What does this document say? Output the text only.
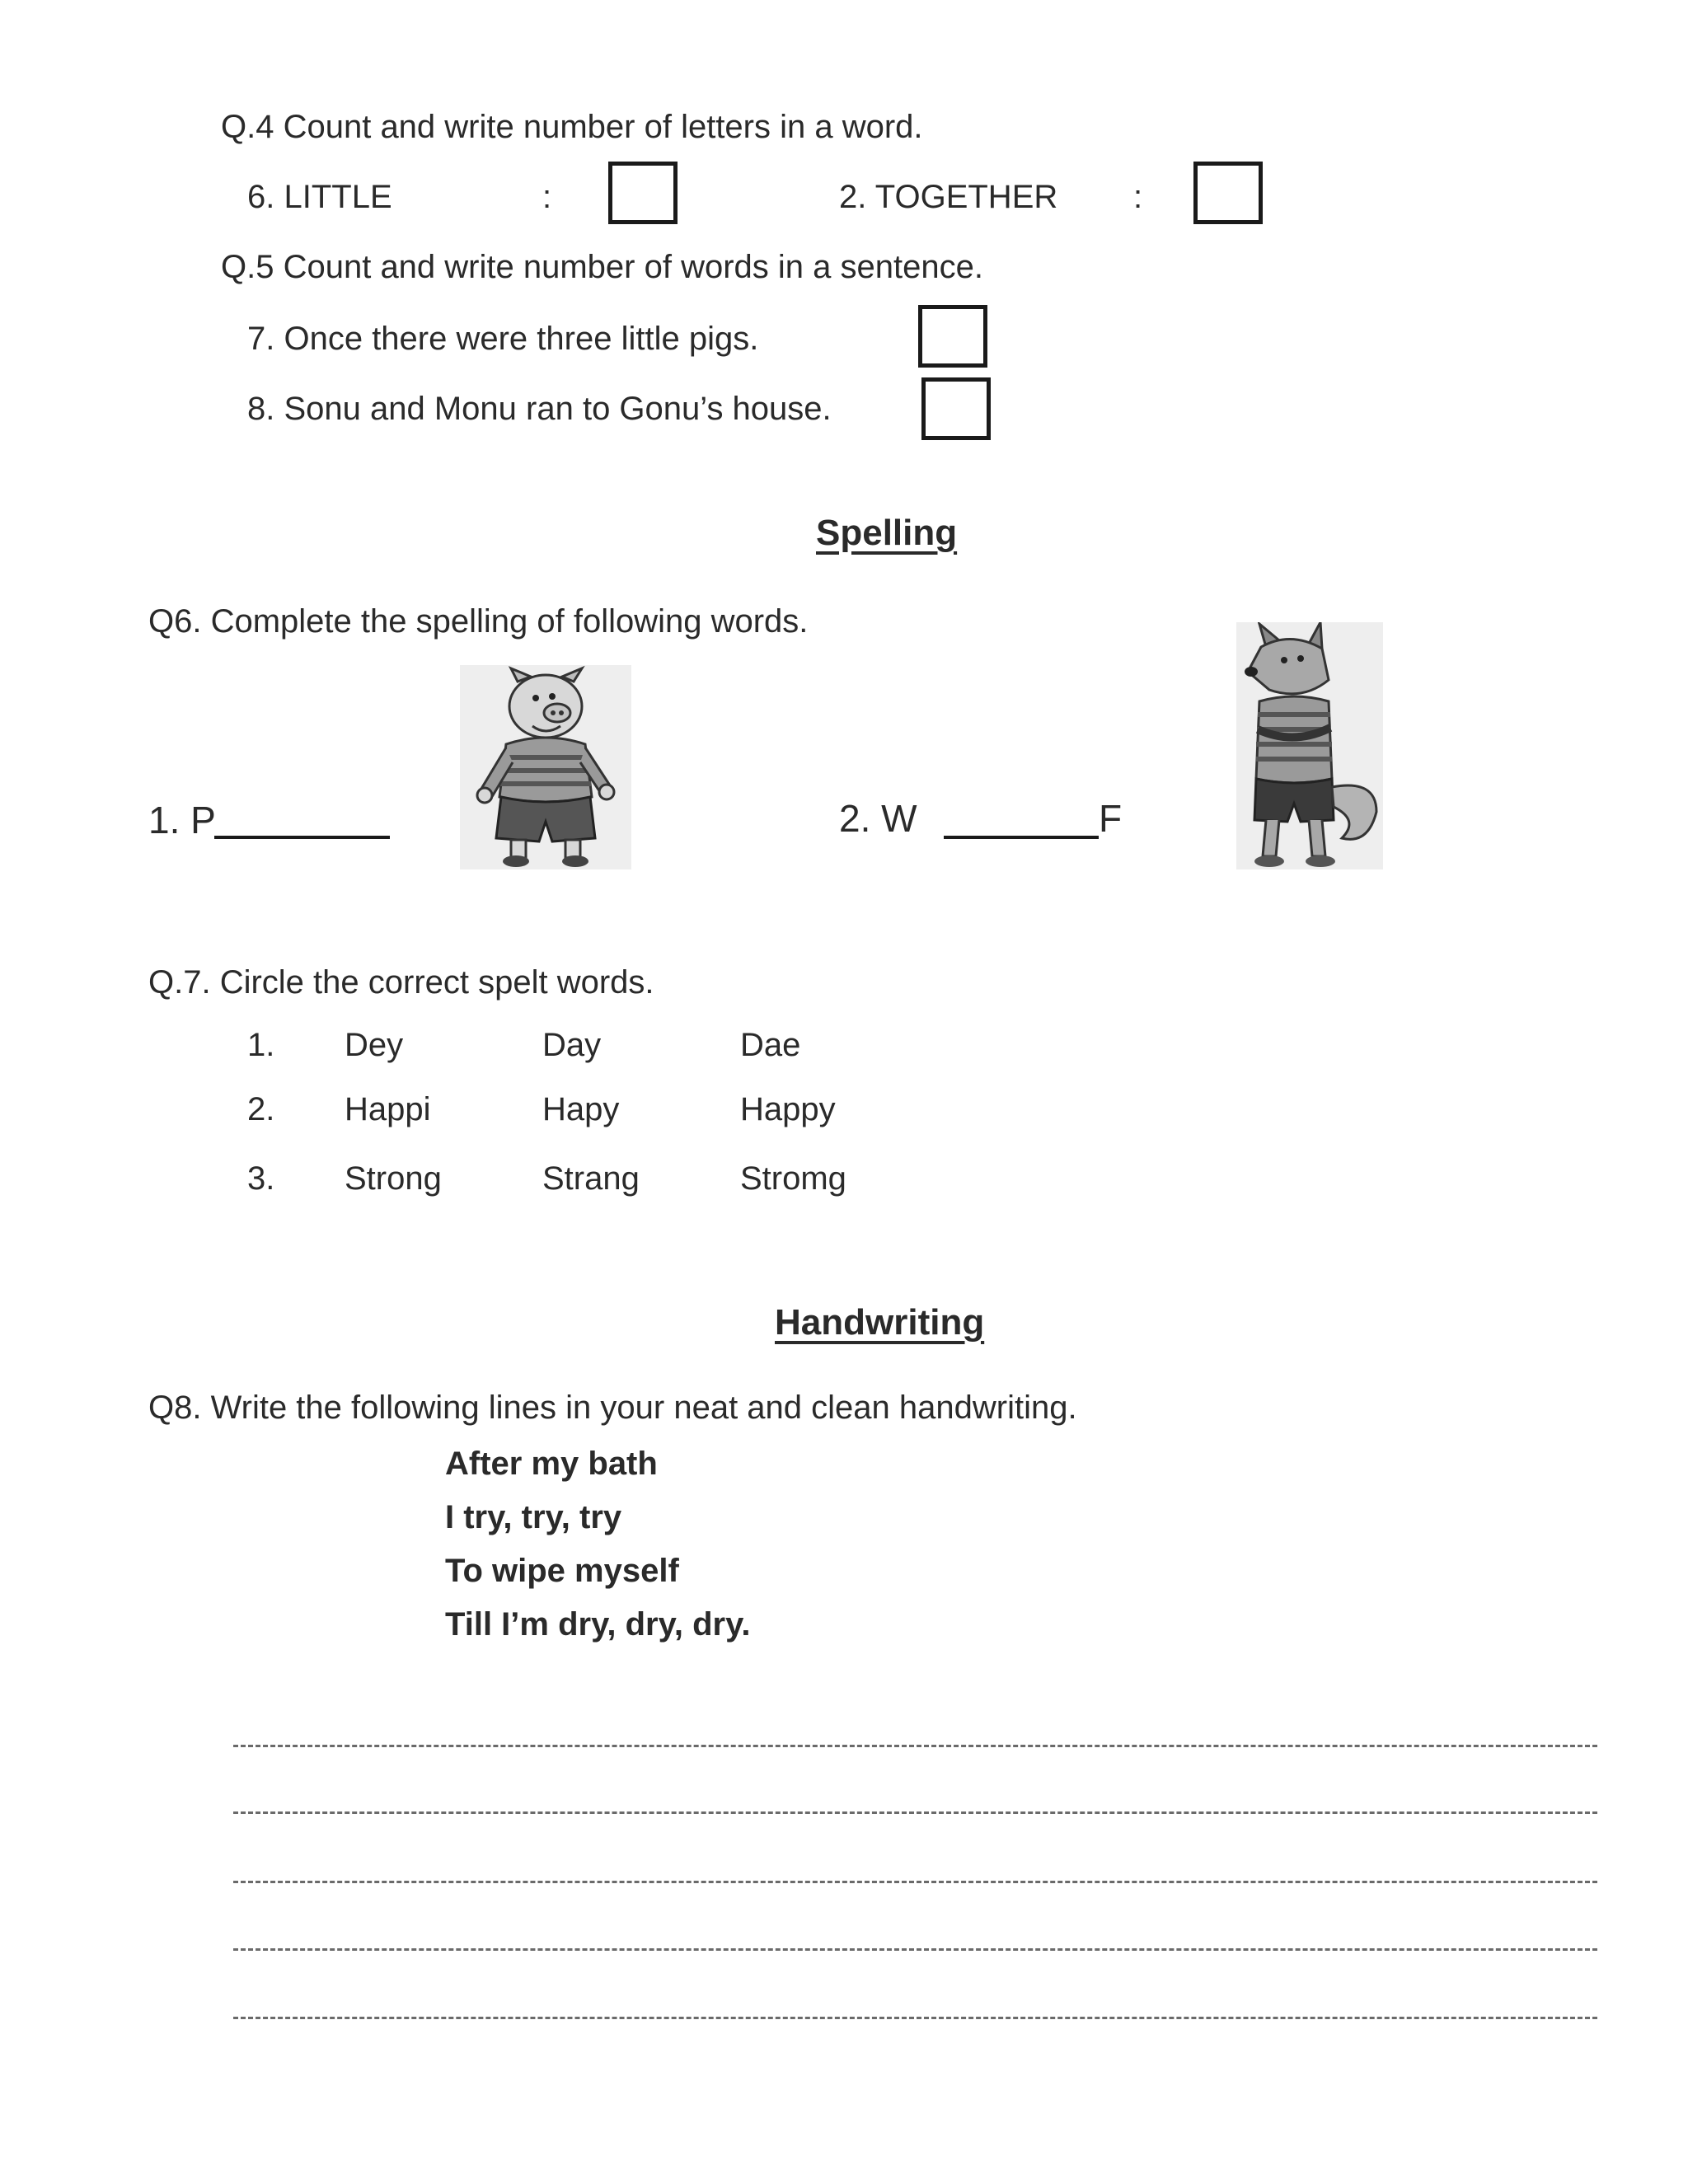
Q.4 Count and write number of letters in a word.
6. LITTLE	:	2. TOGETHER :
Q.5 Count and write number of words in a sentence.
7. Once there were three little pigs.
8. Sonu and Monu ran to Gonu’s house.
Spelling
Q6. Complete the spelling of following words.
1. P	2. W	F
Q.7. Circle the correct spelt words.
1. Dey	Day	Dae
2. Happi	Hapy	Happy
3. Strong	Strang	Stromg
Handwriting
Q8. Write the following lines in your neat and clean handwriting.
After my bath
I try, try, try
To wipe myself
Till I’m dry, dry, dry.
